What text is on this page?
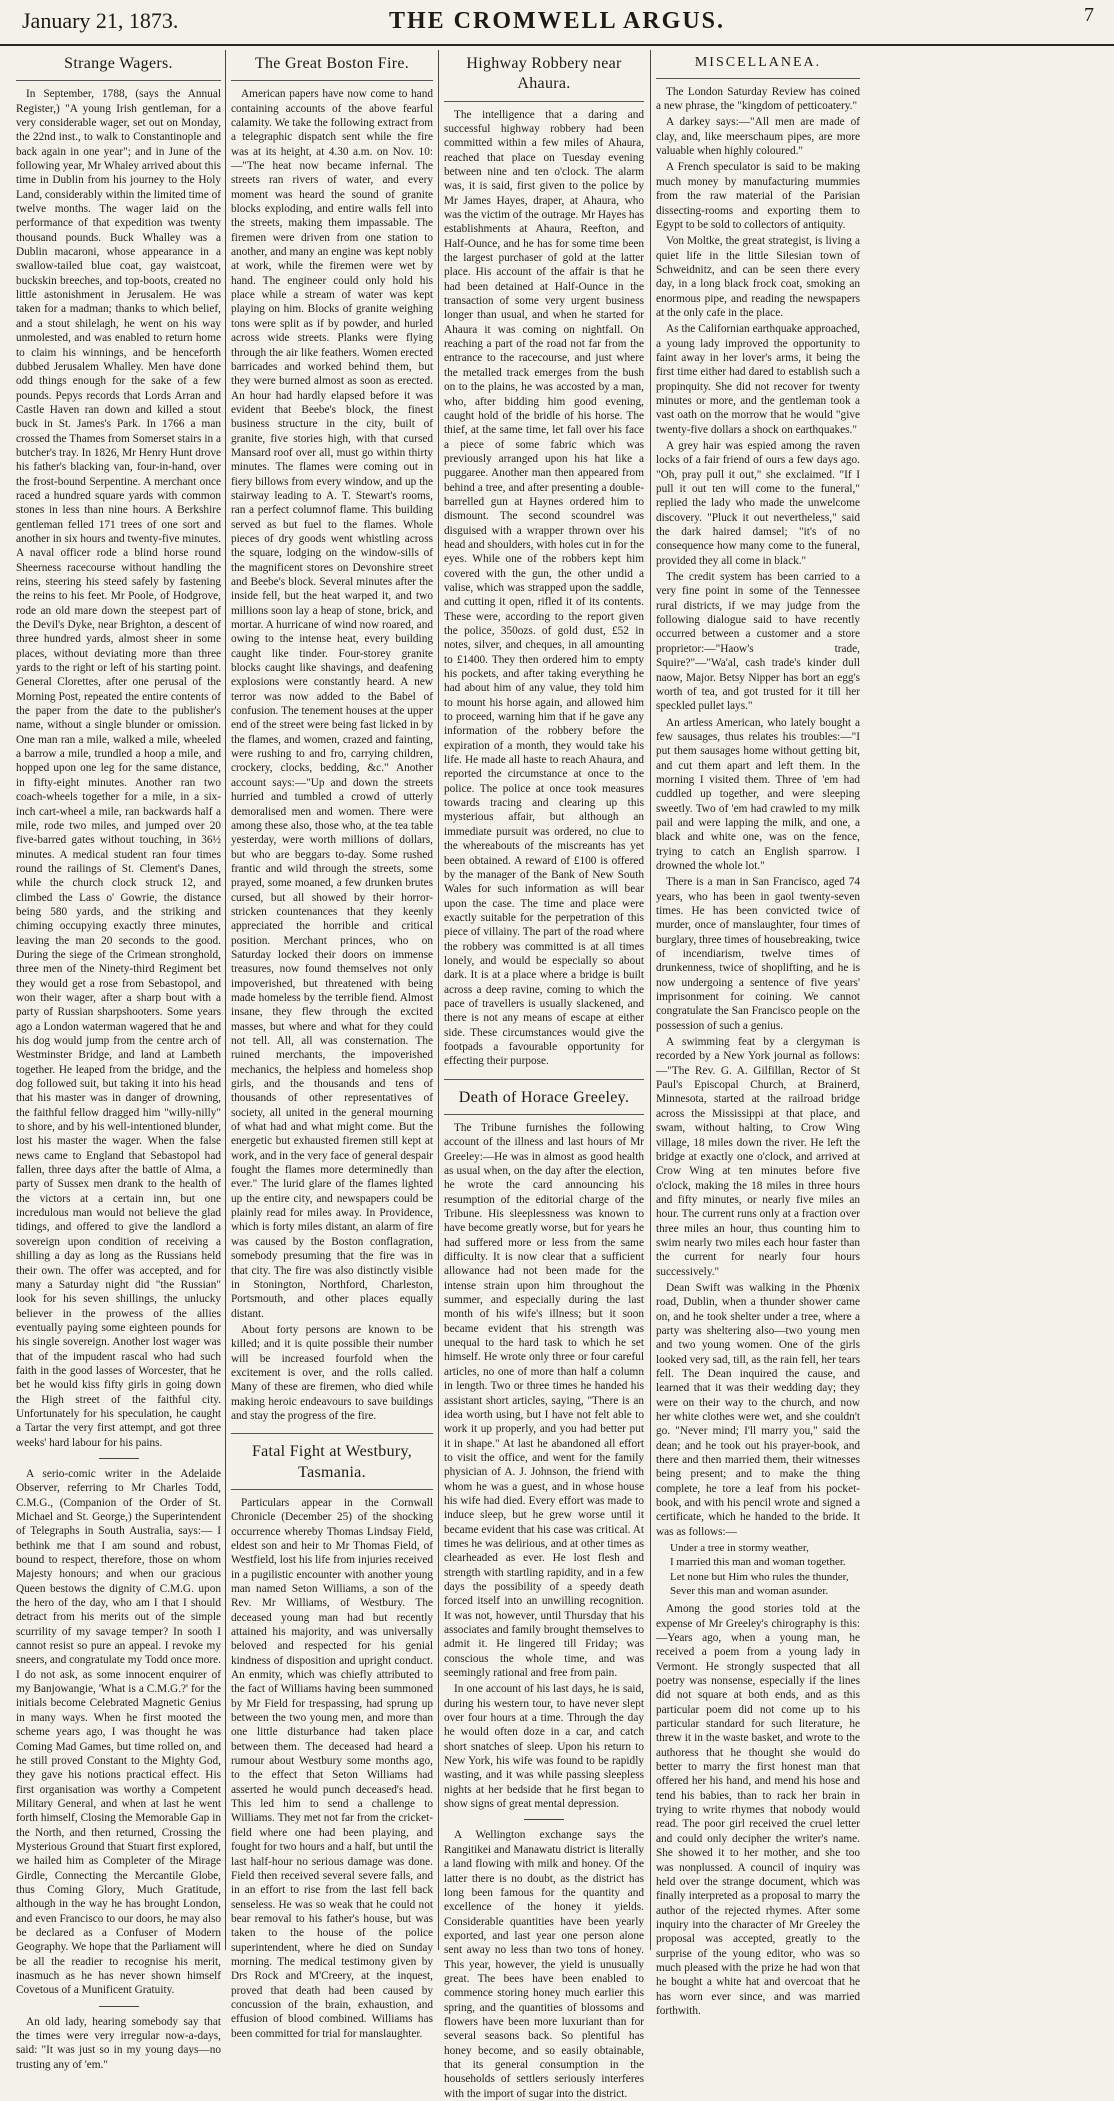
January 21, 1873.	THE CROMWELL ARGUS.	7
Strange Wagers.

In September, 1788, (says the Annual Register,) "A young Irish gentleman, for a very considerable wager, set out on Monday, the 22nd inst., to walk to Constantinople and back again in one year"; and in June of the following year, Mr Whaley arrived about this time in Dublin from his journey to the Holy Land, considerably within the limited time of twelve months. The wager laid on the performance of that expedition was twenty thousand pounds. Buck Whalley was a Dublin macaroni, whose appearance in a swallow-tailed blue coat, gay waistcoat, buckskin breeches, and top-boots, created no little astonishment in Jerusalem. He was taken for a madman; thanks to which belief, and a stout shilelagh, he went on his way unmolested, and was enabled to return home to claim his winnings, and be henceforth dubbed Jerusalem Whalley. Men have done odd things enough for the sake of a few pounds. Pepys records that Lords Arran and Castle Haven ran down and killed a stout buck in St. James's Park. In 1766 a man crossed the Thames from Somerset stairs in a butcher's tray. In 1826, Mr Henry Hunt drove his father's blacking van, four-in-hand, over the frost-bound Serpentine. A merchant once raced a hundred square yards with common stones in less than nine hours. A Berkshire gentleman felled 171 trees of one sort and another in six hours and twenty-five minutes. A naval officer rode a blind horse round Sheerness racecourse without handling the reins, steering his steed safely by fastening the reins to his feet. Mr Poole, of Hodgrove, rode an old mare down the steepest part of the Devil's Dyke, near Brighton, a descent of three hundred yards, almost sheer in some places, without deviating more than three yards to the right or left of his starting point. General Clorettes, after one perusal of the Morning Post, repeated the entire contents of the paper from the date to the publisher's name, without a single blunder or omission. One man ran a mile, walked a mile, wheeled a barrow a mile, trundled a hoop a mile, and hopped upon one leg for the same distance, in fifty-eight minutes. Another ran two coach-wheels together for a mile, in a six-inch cart-wheel a mile, ran backwards half a mile, rode two miles, and jumped over 20 five-barred gates without touching, in 36½ minutes. A medical student ran four times round the railings of St. Clement's Danes, while the church clock struck 12, and climbed the Lass o' Gowrie, the distance being 580 yards, and the striking and chiming occupying exactly three minutes, leaving the man 20 seconds to the good. During the siege of the Crimean stronghold, three men of the Ninety-third Regiment bet they would get a rose from Sebastopol, and won their wager, after a sharp bout with a party of Russian sharpshooters. Some years ago a London waterman wagered that he and his dog would jump from the centre arch of Westminster Bridge, and land at Lambeth together. He leaped from the bridge, and the dog followed suit, but taking it into his head that his master was in danger of drowning, the faithful fellow dragged him "willy-nilly" to shore, and by his well-intentioned blunder, lost his master the wager. When the false news came to England that Sebastopol had fallen, three days after the battle of Alma, a party of Sussex men drank to the health of the victors at a certain inn, but one incredulous man would not believe the glad tidings, and offered to give the landlord a sovereign upon condition of receiving a shilling a day as long as the Russians held their own. The offer was accepted, and for many a Saturday night did "the Russian" look for his seven shillings, the unlucky believer in the prowess of the allies eventually paying some eighteen pounds for his single sovereign. Another lost wager was that of the impudent rascal who had such faith in the good lasses of Worcester, that he bet he would kiss fifty girls in going down the High street of the faithful city. Unfortunately for his speculation, he caught a Tartar the very first attempt, and got three weeks' hard labour for his pains.

A serio-comic writer in the Adelaide Observer, referring to Mr Charles Todd, C.M.G., (Companion of the Order of St. Michael and St. George,) the Superintendent of Telegraphs in South Australia, says:— I bethink me that I am sound and robust, bound to respect, therefore, those on whom Majesty honours; and when our gracious Queen bestows the dignity of C.M.G. upon the hero of the day, who am I that I should detract from his merits out of the simple scurrility of my savage temper? In sooth I cannot resist so pure an appeal. I revoke my sneers, and congratulate my Todd once more. I do not ask, as some innocent enquirer of my Banjowangie, 'What is a C.M.G.?' for the initials become Celebrated Magnetic Genius in many ways. When he first mooted the scheme years ago, I was thought he was Coming Mad Games, but time rolled on, and he still proved Constant to the Mighty God, they gave his notions practical effect. His first organisation was worthy a Competent Military General, and when at last he went forth himself, Closing the Memorable Gap in the North, and then returned, Crossing the Mysterious Ground that Stuart first explored, we hailed him as Completer of the Mirage Girdle, Connecting the Mercantile Globe, thus Coming Glory, Much Gratitude, although in the way he has brought London, and even Francisco to our doors, he may also be declared as a Confuser of Modern Geography. We hope that the Parliament will be all the readier to recognise his merit, inasmuch as he has never shown himself Covetous of a Munificent Gratuity.

An old lady, hearing somebody say that the times were very irregular now-a-days, said: "It was just so in my young days—no trusting any of 'em."

The Great Boston Fire.

American papers have now come to hand containing accounts of the above fearful calamity. We take the following extract from a telegraphic dispatch sent while the fire was at its height, at 4.30 a.m. on Nov. 10:—"The heat now became infernal. The streets ran rivers of water, and every moment was heard the sound of granite blocks exploding, and entire walls fell into the streets, making them impassable. The firemen were driven from one station to another, and many an engine was kept nobly at work, while the firemen were wet by hand. The engineer could only hold his place while a stream of water was kept playing on him. Blocks of granite weighing tons were split as if by powder, and hurled across wide streets. Planks were flying through the air like feathers. Women erected barricades and worked behind them, but they were burned almost as soon as erected. An hour had hardly elapsed before it was evident that Beebe's block, the finest business structure in the city, built of granite, five stories high, with that cursed Mansard roof over all, must go within thirty minutes. The flames were coming out in fiery billows from every window, and up the stairway leading to A. T. Stewart's rooms, ran a perfect columnof flame. This building served as but fuel to the flames. Whole pieces of dry goods went whistling across the square, lodging on the window-sills of the magnificent stores on Devonshire street and Beebe's block. Several minutes after the inside fell, but the heat warped it, and two millions soon lay a heap of stone, brick, and mortar. A hurricane of wind now roared, and owing to the intense heat, every building caught like tinder. Four-storey granite blocks caught like shavings, and deafening explosions were constantly heard. A new terror was now added to the Babel of confusion. The tenement houses at the upper end of the street were being fast licked in by the flames, and women, crazed and fainting, were rushing to and fro, carrying children, crockery, clocks, bedding, &c." Another account says:—"Up and down the streets hurried and tumbled a crowd of utterly demoralised men and women. There were among these also, those who, at the tea table yesterday, were worth millions of dollars, but who are beggars to-day. Some rushed frantic and wild through the streets, some prayed, some moaned, a few drunken brutes cursed, but all showed by their horror-stricken countenances that they keenly appreciated the horrible and critical position. Merchant princes, who on Saturday locked their doors on immense treasures, now found themselves not only impoverished, but threatened with being made homeless by the terrible fiend. Almost insane, they flew through the excited masses, but where and what for they could not tell. All, all was consternation. The ruined merchants, the impoverished mechanics, the helpless and homeless shop girls, and the thousands and tens of thousands of other representatives of society, all united in the general mourning of what had and what might come. But the energetic but exhausted firemen still kept at work, and in the very face of general despair fought the flames more determinedly than ever." The lurid glare of the flames lighted up the entire city, and newspapers could be plainly read for miles away. In Providence, which is forty miles distant, an alarm of fire was caused by the Boston conflagration, somebody presuming that the fire was in that city. The fire was also distinctly visible in Stonington, Northford, Charleston, Portsmouth, and other places equally distant.

About forty persons are known to be killed; and it is quite possible their number will be increased fourfold when the excitement is over, and the rolls called. Many of these are firemen, who died while making heroic endeavours to save buildings and stay the progress of the fire.

Fatal Fight at Westbury, Tasmania.

Particulars appear in the Cornwall Chronicle (December 25) of the shocking occurrence whereby Thomas Lindsay Field, eldest son and heir to Mr Thomas Field, of Westfield, lost his life from injuries received in a pugilistic encounter with another young man named Seton Williams, a son of the Rev. Mr Williams, of Westbury. The deceased young man had but recently attained his majority, and was universally beloved and respected for his genial kindness of disposition and upright conduct. An enmity, which was chiefly attributed to the fact of Williams having been summoned by Mr Field for trespassing, had sprung up between the two young men, and more than one little disturbance had taken place between them. The deceased had heard a rumour about Westbury some months ago, to the effect that Seton Williams had asserted he would punch deceased's head. This led him to send a challenge to Williams. They met not far from the cricket-field where one had been playing, and fought for two hours and a half, but until the last half-hour no serious damage was done. Field then received several severe falls, and in an effort to rise from the last fell back senseless. He was so weak that he could not bear removal to his father's house, but was taken to the house of the police superintendent, where he died on Sunday morning. The medical testimony given by Drs Rock and M'Creery, at the inquest, proved that death had been caused by concussion of the brain, exhaustion, and effusion of blood combined. Williams has been committed for trial for manslaughter.

Highway Robbery near Ahaura.

The intelligence that a daring and successful highway robbery had been committed within a few miles of Ahaura, reached that place on Tuesday evening between nine and ten o'clock. The alarm was, it is said, first given to the police by Mr James Hayes, draper, at Ahaura, who was the victim of the outrage. Mr Hayes has establishments at Ahaura, Reefton, and Half-Ounce, and he has for some time been the largest purchaser of gold at the latter place. His account of the affair is that he had been detained at Half-Ounce in the transaction of some very urgent business longer than usual, and when he started for Ahaura it was coming on nightfall. On reaching a part of the road not far from the entrance to the racecourse, and just where the metalled track emerges from the bush on to the plains, he was accosted by a man, who, after bidding him good evening, caught hold of the bridle of his horse. The thief, at the same time, let fall over his face a piece of some fabric which was previously arranged upon his hat like a puggaree. Another man then appeared from behind a tree, and after presenting a double-barrelled gun at Haynes ordered him to dismount. The second scoundrel was disguised with a wrapper thrown over his head and shoulders, with holes cut in for the eyes. While one of the robbers kept him covered with the gun, the other undid a valise, which was strapped upon the saddle, and cutting it open, rifled it of its contents. These were, according to the report given the police, 350ozs. of gold dust, £52 in notes, silver, and cheques, in all amounting to £1400. They then ordered him to empty his pockets, and after taking everything he had about him of any value, they told him to mount his horse again, and allowed him to proceed, warning him that if he gave any information of the robbery before the expiration of a month, they would take his life. He made all haste to reach Ahaura, and reported the circumstance at once to the police. The police at once took measures towards tracing and clearing up this mysterious affair, but although an immediate pursuit was ordered, no clue to the whereabouts of the miscreants has yet been obtained. A reward of £100 is offered by the manager of the Bank of New South Wales for such information as will bear upon the case. The time and place were exactly suitable for the perpetration of this piece of villainy. The part of the road where the robbery was committed is at all times lonely, and would be especially so about dark. It is at a place where a bridge is built across a deep ravine, coming to which the pace of travellers is usually slackened, and there is not any means of escape at either side. These circumstances would give the footpads a favourable opportunity for effecting their purpose.

Death of Horace Greeley.

The Tribune furnishes the following account of the illness and last hours of Mr Greeley:—He was in almost as good health as usual when, on the day after the election, he wrote the card announcing his resumption of the editorial charge of the Tribune. His sleeplessness was known to have become greatly worse, but for years he had suffered more or less from the same difficulty. It is now clear that a sufficient allowance had not been made for the intense strain upon him throughout the summer, and especially during the last month of his wife's illness; but it soon became evident that his strength was unequal to the hard task to which he set himself. He wrote only three or four careful articles, no one of more than half a column in length. Two or three times he handed his assistant short articles, saying, "There is an idea worth using, but I have not felt able to work it up properly, and you had better put it in shape." At last he abandoned all effort to visit the office, and went for the family physician of A. J. Johnson, the friend with whom he was a guest, and in whose house his wife had died. Every effort was made to induce sleep, but he grew worse until it became evident that his case was critical. At times he was delirious, and at other times as clearheaded as ever. He lost flesh and strength with startling rapidity, and in a few days the possibility of a speedy death forced itself into an unwilling recognition. It was not, however, until Thursday that his associates and family brought themselves to admit it. He lingered till Friday; was conscious the whole time, and was seemingly rational and free from pain.

In one account of his last days, he is said, during his western tour, to have never slept over four hours at a time. Through the day he would often doze in a car, and catch short snatches of sleep. Upon his return to New York, his wife was found to be rapidly wasting, and it was while passing sleepless nights at her bedside that he first began to show signs of great mental depression.

A Wellington exchange says the Rangitikei and Manawatu district is literally a land flowing with milk and honey. Of the latter there is no doubt, as the district has long been famous for the quantity and excellence of the honey it yields. Considerable quantities have been yearly exported, and last year one person alone sent away no less than two tons of honey. This year, however, the yield is unusually great. The bees have been enabled to commence storing honey much earlier this spring, and the quantities of blossoms and flowers have been more luxuriant than for several seasons back. So plentiful has honey become, and so easily obtainable, that its general consumption in the households of settlers seriously interferes with the import of sugar into the district.

MISCELLANEA.

The London Saturday Review has coined a new phrase, the "kingdom of petticoatery."

A darkey says:—"All men are made of clay, and, like meerschaum pipes, are more valuable when highly coloured."

A French speculator is said to be making much money by manufacturing mummies from the raw material of the Parisian dissecting-rooms and exporting them to Egypt to be sold to collectors of antiquity.

Von Moltke, the great strategist, is living a quiet life in the little Silesian town of Schweidnitz, and can be seen there every day, in a long black frock coat, smoking an enormous pipe, and reading the newspapers at the only cafe in the place.

As the Californian earthquake approached, a young lady improved the opportunity to faint away in her lover's arms, it being the first time either had dared to establish such a propinquity. She did not recover for twenty minutes or more, and the gentleman took a vast oath on the morrow that he would "give twenty-five dollars a shock on earthquakes."

A grey hair was espied among the raven locks of a fair friend of ours a few days ago. "Oh, pray pull it out," she exclaimed. "If I pull it out ten will come to the funeral," replied the lady who made the unwelcome discovery. "Pluck it out nevertheless," said the dark haired damsel; "it's of no consequence how many come to the funeral, provided they all come in black."

The credit system has been carried to a very fine point in some of the Tennessee rural districts, if we may judge from the following dialogue said to have recently occurred between a customer and a store proprietor:—"Haow's trade, Squire?"—"Wa'al, cash trade's kinder dull naow, Major. Betsy Nipper has bort an egg's worth of tea, and got trusted for it till her speckled pullet lays."

An artless American, who lately bought a few sausages, thus relates his troubles:—"I put them sausages home without getting bit, and cut them apart and left them. In the morning I visited them. Three of 'em had cuddled up together, and were sleeping sweetly. Two of 'em had crawled to my milk pail and were lapping the milk, and one, a black and white one, was on the fence, trying to catch an English sparrow. I drowned the whole lot."

There is a man in San Francisco, aged 74 years, who has been in gaol twenty-seven times. He has been convicted twice of murder, once of manslaughter, four times of burglary, three times of housebreaking, twice of incendiarism, twelve times of drunkenness, twice of shoplifting, and he is now undergoing a sentence of five years' imprisonment for coining. We cannot congratulate the San Francisco people on the possession of such a genius.

A swimming feat by a clergyman is recorded by a New York journal as follows:—"The Rev. G. A. Gilfillan, Rector of St Paul's Episcopal Church, at Brainerd, Minnesota, started at the railroad bridge across the Mississippi at that place, and swam, without halting, to Crow Wing village, 18 miles down the river. He left the bridge at exactly one o'clock, and arrived at Crow Wing at ten minutes before five o'clock, making the 18 miles in three hours and fifty minutes, or nearly five miles an hour. The current runs only at a fraction over three miles an hour, thus counting him to swim nearly two miles each hour faster than the current for nearly four hours successively."

Dean Swift was walking in the Phœnix road, Dublin, when a thunder shower came on, and he took shelter under a tree, where a party was sheltering also—two young men and two young women. One of the girls looked very sad, till, as the rain fell, her tears fell. The Dean inquired the cause, and learned that it was their wedding day; they were on their way to the church, and now her white clothes were wet, and she couldn't go. "Never mind; I'll marry you," said the dean; and he took out his prayer-book, and there and then married them, their witnesses being present; and to make the thing complete, he tore a leaf from his pocket-book, and with his pencil wrote and signed a certificate, which he handed to the bride. It was as follows:—

Under a tree in stormy weather,
I married this man and woman together.
Let none but Him who rules the thunder,
Sever this man and woman asunder.

Among the good stories told at the expense of Mr Greeley's chirography is this:—Years ago, when a young man, he received a poem from a young lady in Vermont. He strongly suspected that all poetry was nonsense, especially if the lines did not square at both ends, and as this particular poem did not come up to his particular standard for such literature, he threw it in the waste basket, and wrote to the authoress that he thought she would do better to marry the first honest man that offered her his hand, and mend his hose and tend his babies, than to rack her brain in trying to write rhymes that nobody would read. The poor girl received the cruel letter and could only decipher the writer's name. She showed it to her mother, and she too was nonplussed. A council of inquiry was held over the strange document, which was finally interpreted as a proposal to marry the author of the rejected rhymes. After some inquiry into the character of Mr Greeley the proposal was accepted, greatly to the surprise of the young editor, who was so much pleased with the prize he had won that he bought a white hat and overcoat that he has worn ever since, and was married forthwith.
